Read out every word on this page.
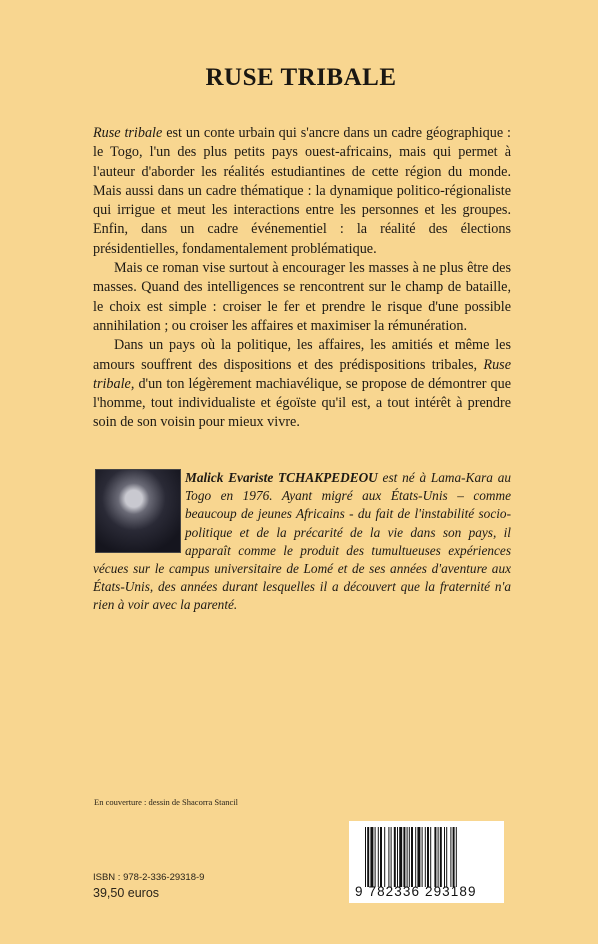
RUSE TRIBALE

Ruse tribale est un conte urbain qui s'ancre dans un cadre géographique : le Togo, l'un des plus petits pays ouest-africains, mais qui permet à l'auteur d'aborder les réalités estudiantines de cette région du monde. Mais aussi dans un cadre thématique : la dynamique politico-régionaliste qui irrigue et meut les interactions entre les personnes et les groupes. Enfin, dans un cadre événementiel : la réalité des élections présidentielles, fondamentalement problématique.

Mais ce roman vise surtout à encourager les masses à ne plus être des masses. Quand des intelligences se rencontrent sur le champ de bataille, le choix est simple : croiser le fer et prendre le risque d'une possible annihilation ; ou croiser les affaires et maximiser la rémunération.

Dans un pays où la politique, les affaires, les amitiés et même les amours souffrent des dispositions et des prédispositions tribales, Ruse tribale, d'un ton légèrement machiavélique, se propose de démontrer que l'homme, tout individualiste et égoïste qu'il est, a tout intérêt à prendre soin de son voisin pour mieux vivre.

Malick Evariste TCHAKPEDEOU est né à Lama-Kara au Togo en 1976. Ayant migré aux États-Unis – comme beaucoup de jeunes Africains - du fait de l'instabilité socio-politique et de la précarité de la vie dans son pays, il apparaît comme le produit des tumultueuses expériences vécues sur le campus universitaire de Lomé et de ses années d'aventure aux États-Unis, des années durant lesquelles il a découvert que la fraternité n'a rien à voir avec la parenté.
En couverture : dessin de Shacorra Stancil
ISBN : 978-2-336-29318-9
39,50 euros	9 782336 293189
